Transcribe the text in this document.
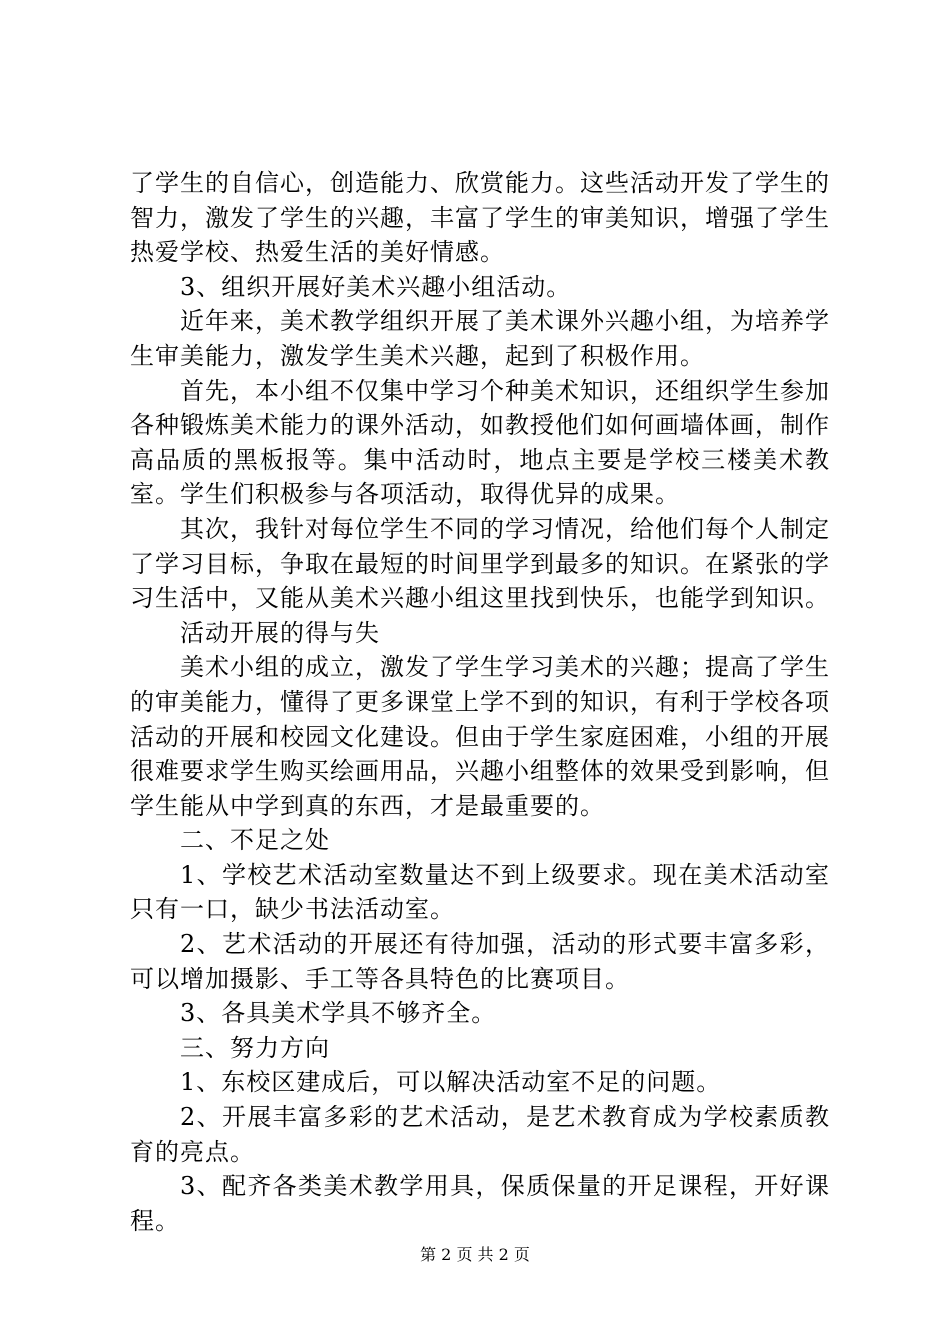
了学生的自信心，创造能力、欣赏能力。这些活动开发了学生的智力，激发了学生的兴趣，丰富了学生的审美知识，增强了学生热爱学校、热爱生活的美好情感。

3、组织开展好美术兴趣小组活动。

近年来，美术教学组织开展了美术课外兴趣小组，为培养学生审美能力，激发学生美术兴趣，起到了积极作用。

首先，本小组不仅集中学习个种美术知识，还组织学生参加各种锻炼美术能力的课外活动，如教授他们如何画墙体画，制作高品质的黑板报等。集中活动时，地点主要是学校三楼美术教室。学生们积极参与各项活动，取得优异的成果。

其次，我针对每位学生不同的学习情况，给他们每个人制定了学习目标，争取在最短的时间里学到最多的知识。在紧张的学习生活中，又能从美术兴趣小组这里找到快乐，也能学到知识。

活动开展的得与失

美术小组的成立，激发了学生学习美术的兴趣；提高了学生的审美能力，懂得了更多课堂上学不到的知识，有利于学校各项活动的开展和校园文化建设。但由于学生家庭困难，小组的开展很难要求学生购买绘画用品，兴趣小组整体的效果受到影响，但学生能从中学到真的东西，才是最重要的。

二、不足之处

1、学校艺术活动室数量达不到上级要求。现在美术活动室只有一口，缺少书法活动室。

2、艺术活动的开展还有待加强，活动的形式要丰富多彩，可以增加摄影、手工等各具特色的比赛项目。

3、各具美术学具不够齐全。

三、努力方向

1、东校区建成后，可以解决活动室不足的问题。

2、开展丰富多彩的艺术活动，是艺术教育成为学校素质教育的亮点。

3、配齐各类美术教学用具，保质保量的开足课程，开好课程。

第 2 页 共 2 页
